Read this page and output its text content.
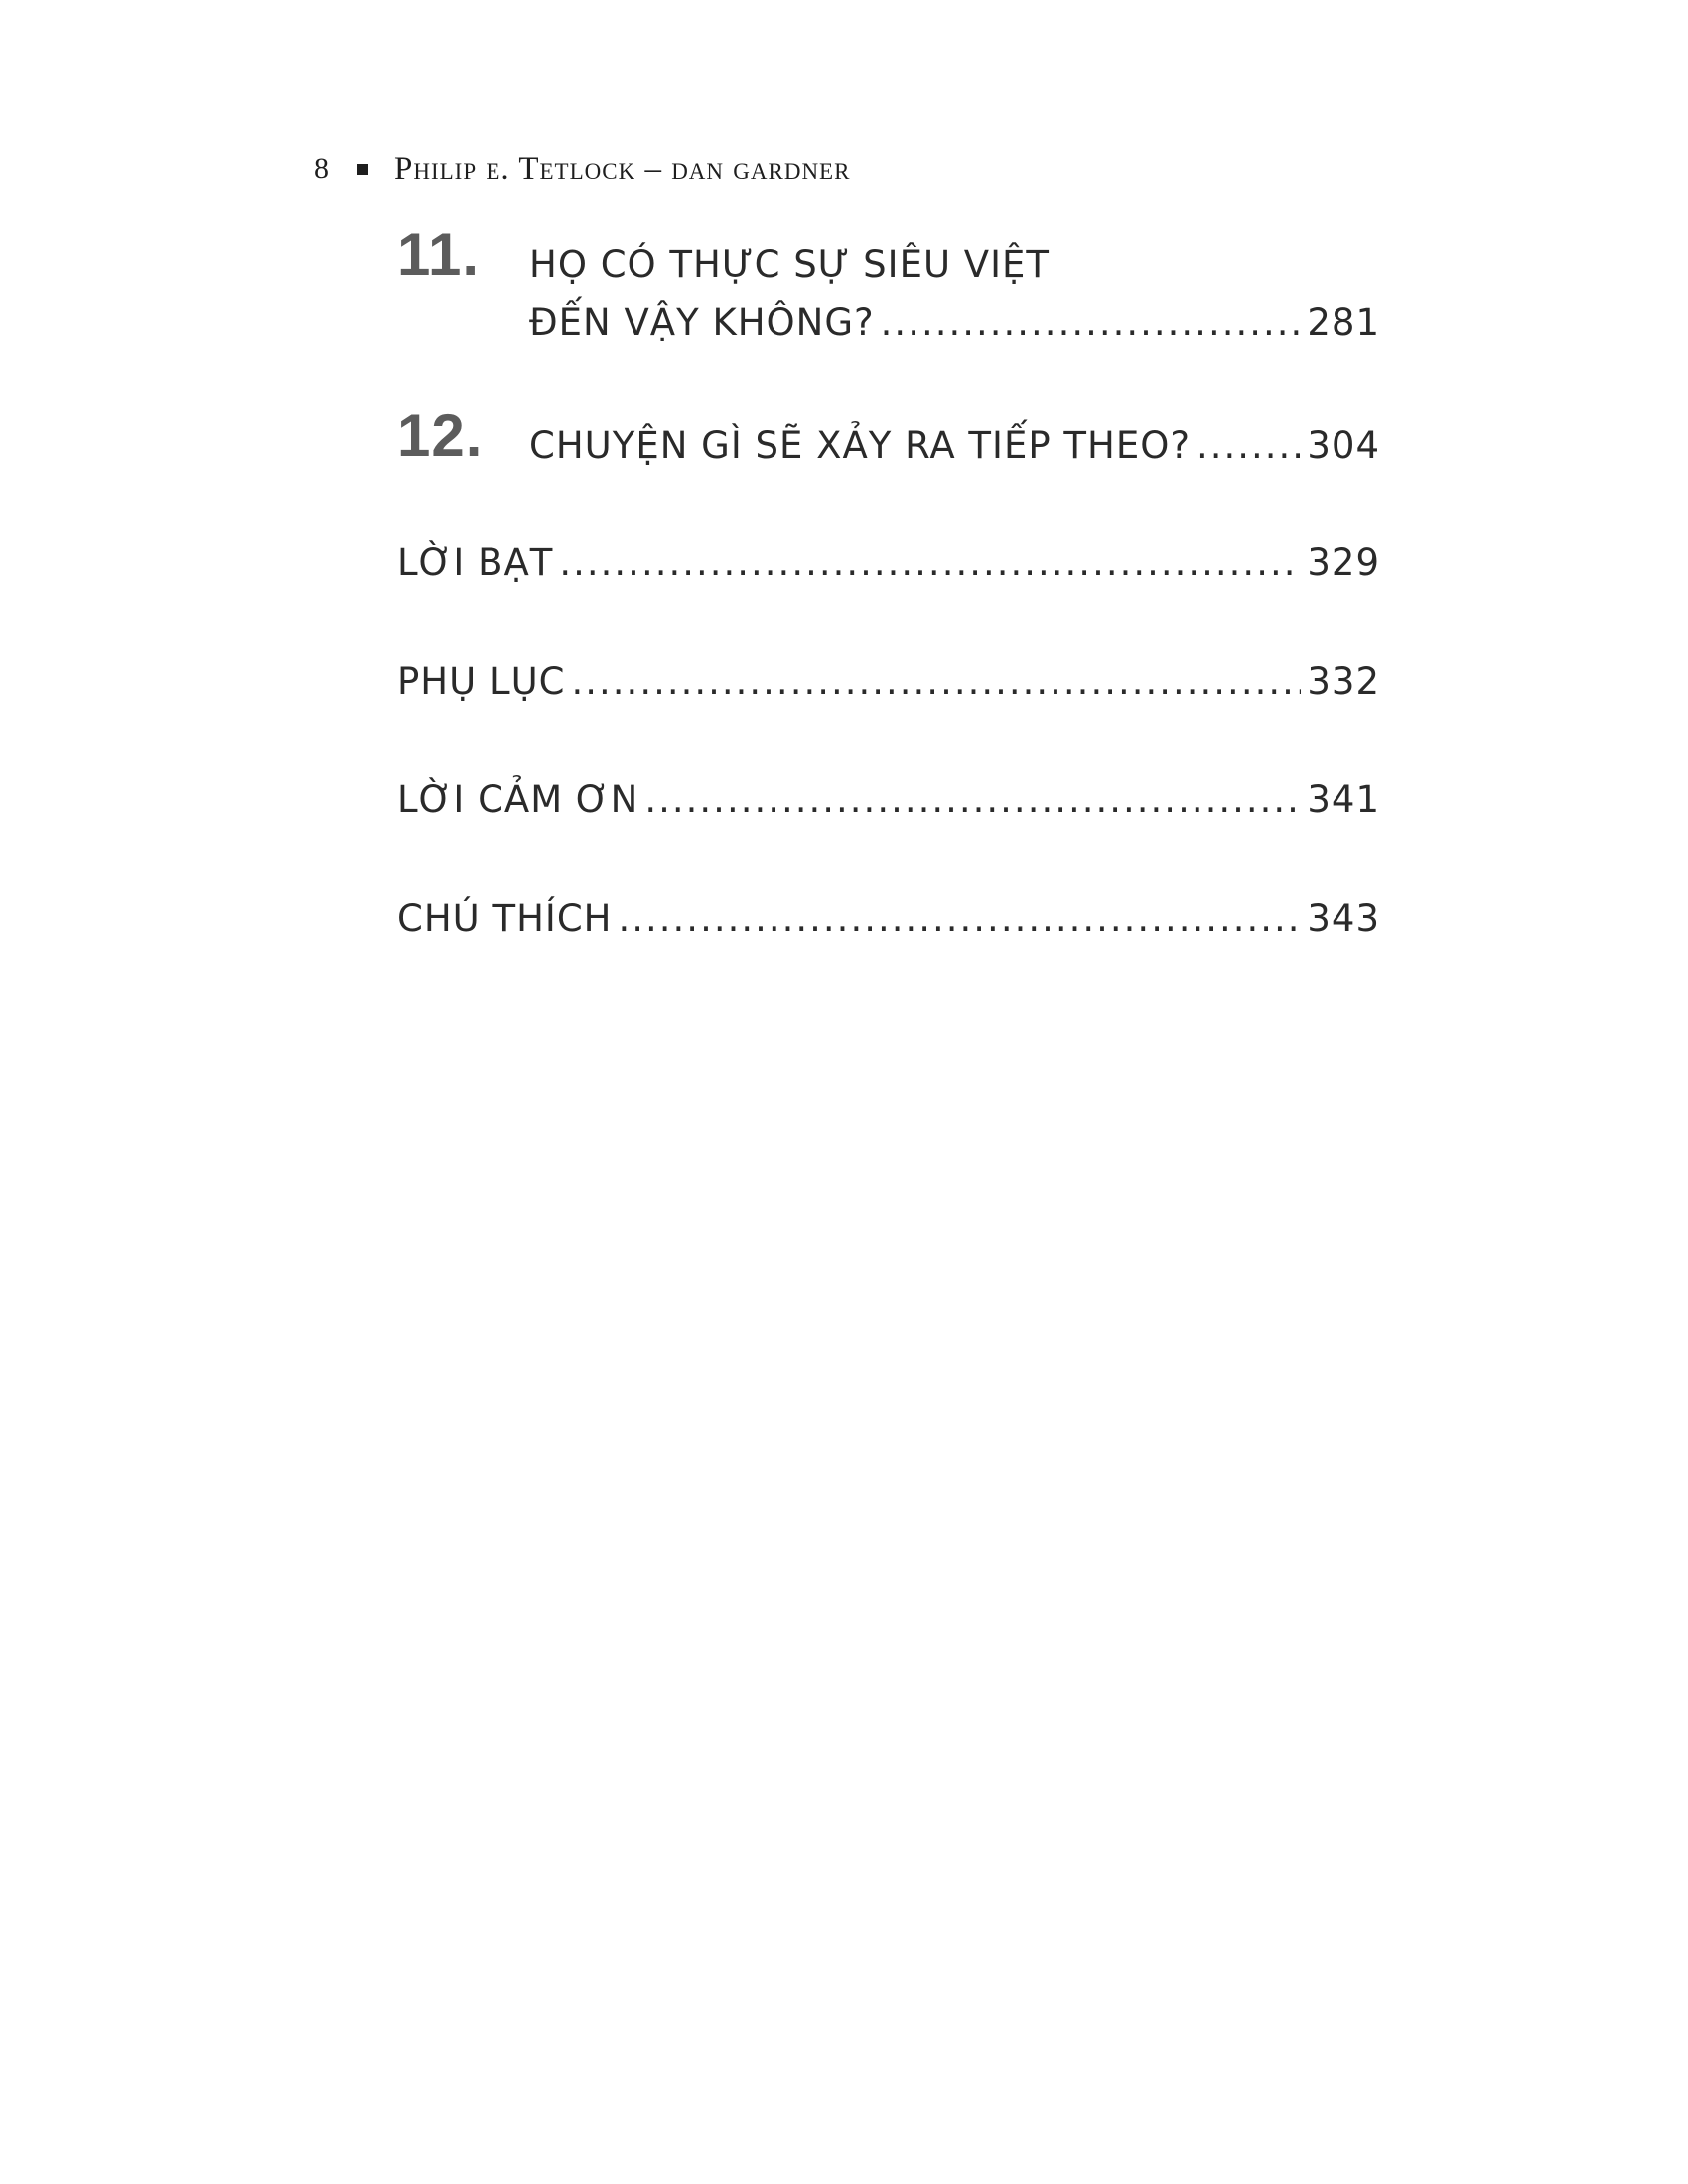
8	Philip e. Tetlock – dan gardner
11. HỌ CÓ THỰC SỰ SIÊU VIỆT
ĐẾN VẬY KHÔNG? .....	281
12. CHUYỆN GÌ SẼ XẢY RA TIẾP THEO? .....	304
LỜI BẠT .....	329
PHỤ LỤC .....	332
LỜI CẢM ƠN .....	341
CHÚ THÍCH .....	343
